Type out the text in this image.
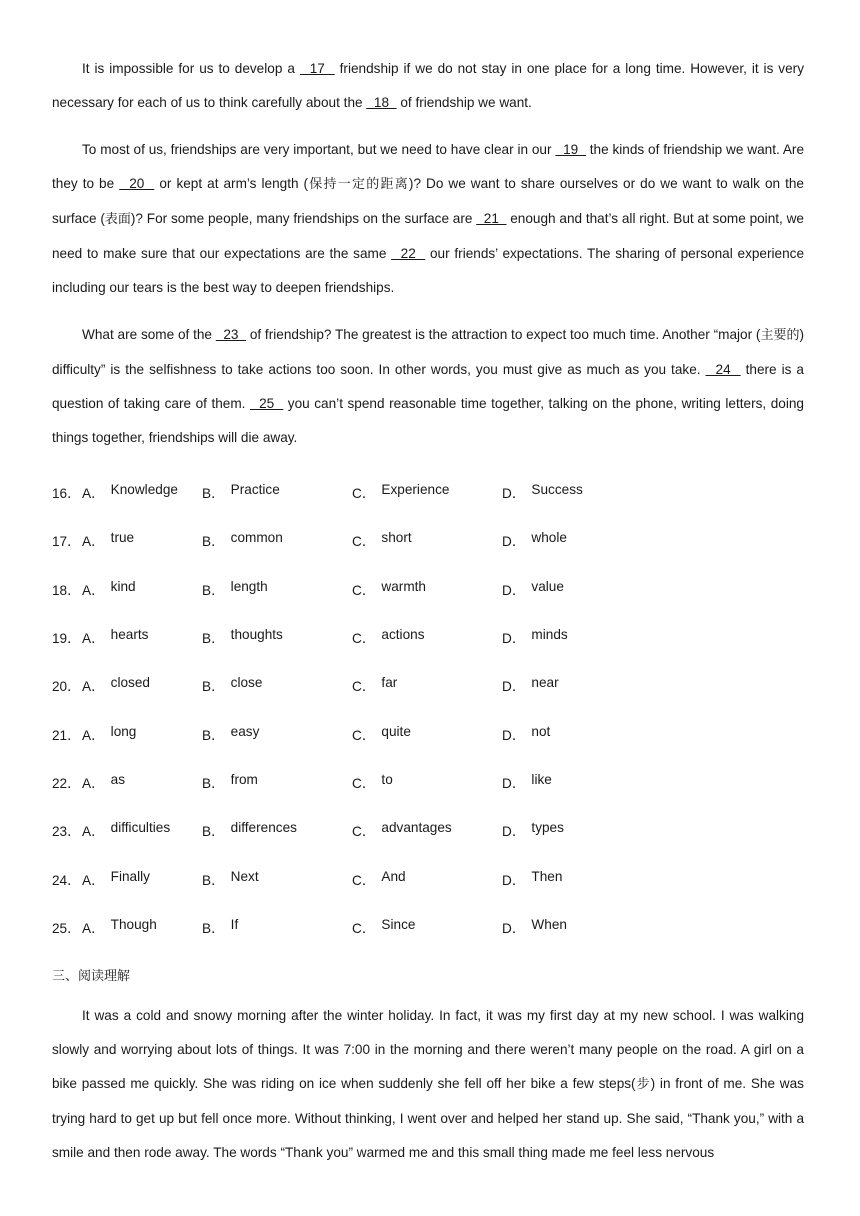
It is impossible for us to develop a   17   friendship if we do not stay in one place for a long time. However, it is very necessary for each of us to think carefully about the   18   of friendship we want.

To most of us, friendships are very important, but we need to have clear in our   19   the kinds of friendship we want. Are they to be   20   or kept at arm’s length (保持一定的距离)? Do we want to share ourselves or do we want to walk on the surface (表面)? For some people, many friendships on the surface are   21   enough and that’s all right. But at some point, we need to make sure that our expectations are the same   22   our friends’ expectations. The sharing of personal experience including our tears is the best way to deepen friendships.

What are some of the   23   of friendship? The greatest is the attraction to expect too much time. Another “major (主要的) difficulty” is the selfishness to take actions too soon. In other words, you must give as much as you take.   24   there is a question of taking care of them.   25   you can’t spend reasonable time together, talking on the phone, writing letters, doing things together, friendships will die away.

16． A． Knowledge B． Practice	C． Experience	D． Success
17． A． true	B． common	C． short	D． whole
18． A． kind	B． length	C． warmth	D． value
19． A． hearts	B． thoughts	C． actions	D． minds
20． A． closed	B． close	C． far	D． near
21． A． long	B． easy	C． quite	D． not
22． A． as	B． from	C． to	D． like
23． A． difficulties B． differences	C． advantages	D． types
24． A． Finally	B． Next	C． And	D． Then
25． A． Though	B． If	C． Since	D． When
三、阅读理解

It was a cold and snowy morning after the winter holiday. In fact, it was my first day at my new school. I was walking slowly and worrying about lots of things. It was 7:00 in the morning and there weren’t many people on the road. A girl on a bike passed me quickly. She was riding on ice when suddenly she fell off her bike a few steps(步) in front of me. She was trying hard to get up but fell once more. Without thinking, I went over and helped her stand up. She said, “Thank you,” with a smile and then rode away. The words “Thank you” warmed me and this small thing made me feel less nervous
